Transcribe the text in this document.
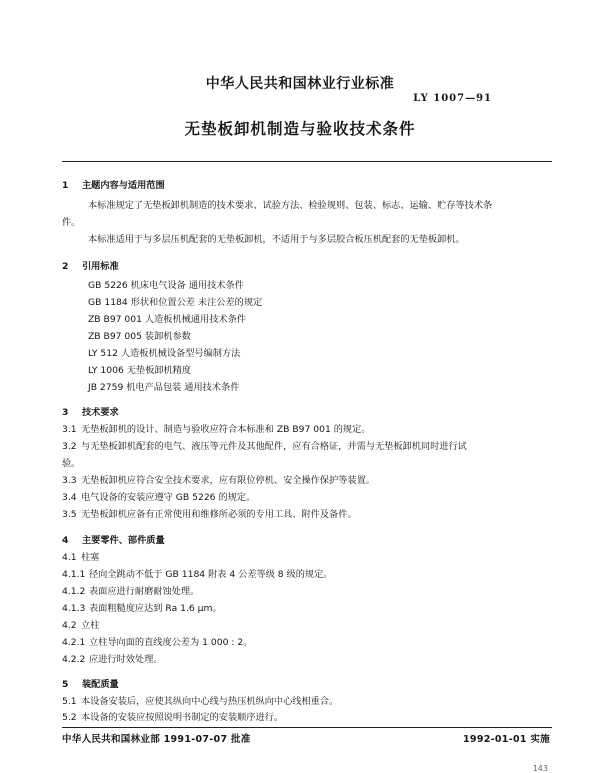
中华人民共和国林业行业标准
LY 1007—91
无垫板卸机制造与验收技术条件
1 主题内容与适用范围
本标准规定了无垫板卸机制造的技术要求、试验方法、检验规则、包装、标志、运输、贮存等技术条
件。
本标准适用于与多层压机配套的无垫板卸机，不适用于与多层胶合板压机配套的无垫板卸机。
2 引用标准
GB 5226 机床电气设备 通用技术条件
GB 1184 形状和位置公差 未注公差的规定
ZB B97 001 人造板机械通用技术条件
ZB B97 005 装卸机参数
LY 512 人造板机械设备型号编制方法
LY 1006 无垫板卸机精度
JB 2759 机电产品包装 通用技术条件
3 技术要求
3.1 无垫板卸机的设计、制造与验收应符合本标准和 ZB B97 001 的规定。
3.2 与无垫板卸机配套的电气、液压等元件及其他配件，应有合格证，并需与无垫板卸机同时进行试
验。
3.3 无垫板卸机应符合安全技术要求，应有限位停机、安全操作保护等装置。
3.4 电气设备的安装应遵守 GB 5226 的规定。
3.5 无垫板卸机应备有正常使用和维修所必须的专用工具、附件及备件。
4 主要零件、部件质量
4.1 柱塞
4.1.1 径向全跳动不低于 GB 1184 附表 4 公差等级 8 级的规定。
4.1.2 表面应进行耐磨耐蚀处理。
4.1.3 表面粗糙度应达到 Ra 1.6 μm。
4.2 立柱
4.2.1 立柱导向面的直线度公差为 1 000 : 2。
4.2.2 应进行时效处理。
5 装配质量
5.1 本设备安装后，应使其纵向中心线与热压机纵向中心线相重合。
5.2 本设备的安装应按照说明书制定的安装顺序进行。
中华人民共和国林业部 1991-07-07 批准	1992-01-01 实施
143
